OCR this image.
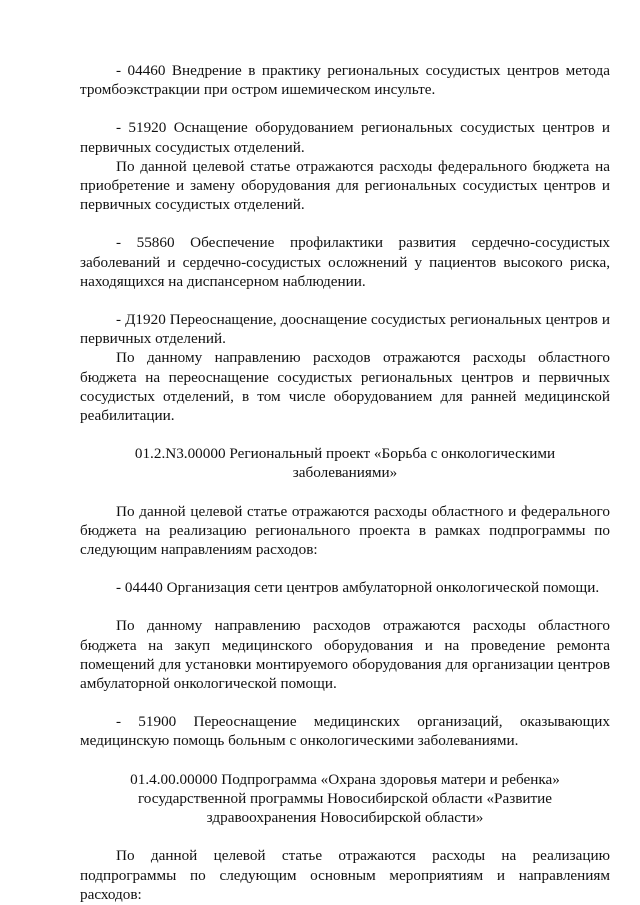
- 04460 Внедрение в практику региональных сосудистых центров метода тромбоэкстракции при остром ишемическом инсульте.

- 51920 Оснащение оборудованием региональных сосудистых центров и первичных сосудистых отделений.

По данной целевой статье отражаются расходы федерального бюджета на приобретение и замену оборудования для региональных сосудистых центров и первичных сосудистых отделений.

- 55860 Обеспечение профилактики развития сердечно-сосудистых заболеваний и сердечно-сосудистых осложнений у пациентов высокого риска, находящихся на диспансерном наблюдении.

- Д1920 Переоснащение, дооснащение сосудистых региональных центров и первичных отделений.

По данному направлению расходов отражаются расходы областного бюджета на переоснащение сосудистых региональных центров и первичных сосудистых отделений, в том числе оборудованием для ранней медицинской реабилитации.

01.2.N3.00000 Региональный проект «Борьба с онкологическими заболеваниями»

По данной целевой статье отражаются расходы областного и федерального бюджета на реализацию регионального проекта в рамках подпрограммы по следующим направлениям расходов:

- 04440 Организация сети центров амбулаторной онкологической помощи.

По данному направлению расходов отражаются расходы областного бюджета на закуп медицинского оборудования и на проведение ремонта помещений для установки монтируемого оборудования для организации центров амбулаторной онкологической помощи.

- 51900 Переоснащение медицинских организаций, оказывающих медицинскую помощь больным с онкологическими заболеваниями.

01.4.00.00000 Подпрограмма «Охрана здоровья матери и ребенка» государственной программы Новосибирской области «Развитие здравоохранения Новосибирской области»

По данной целевой статье отражаются расходы на реализацию подпрограммы по следующим основным мероприятиям и направлениям расходов:
